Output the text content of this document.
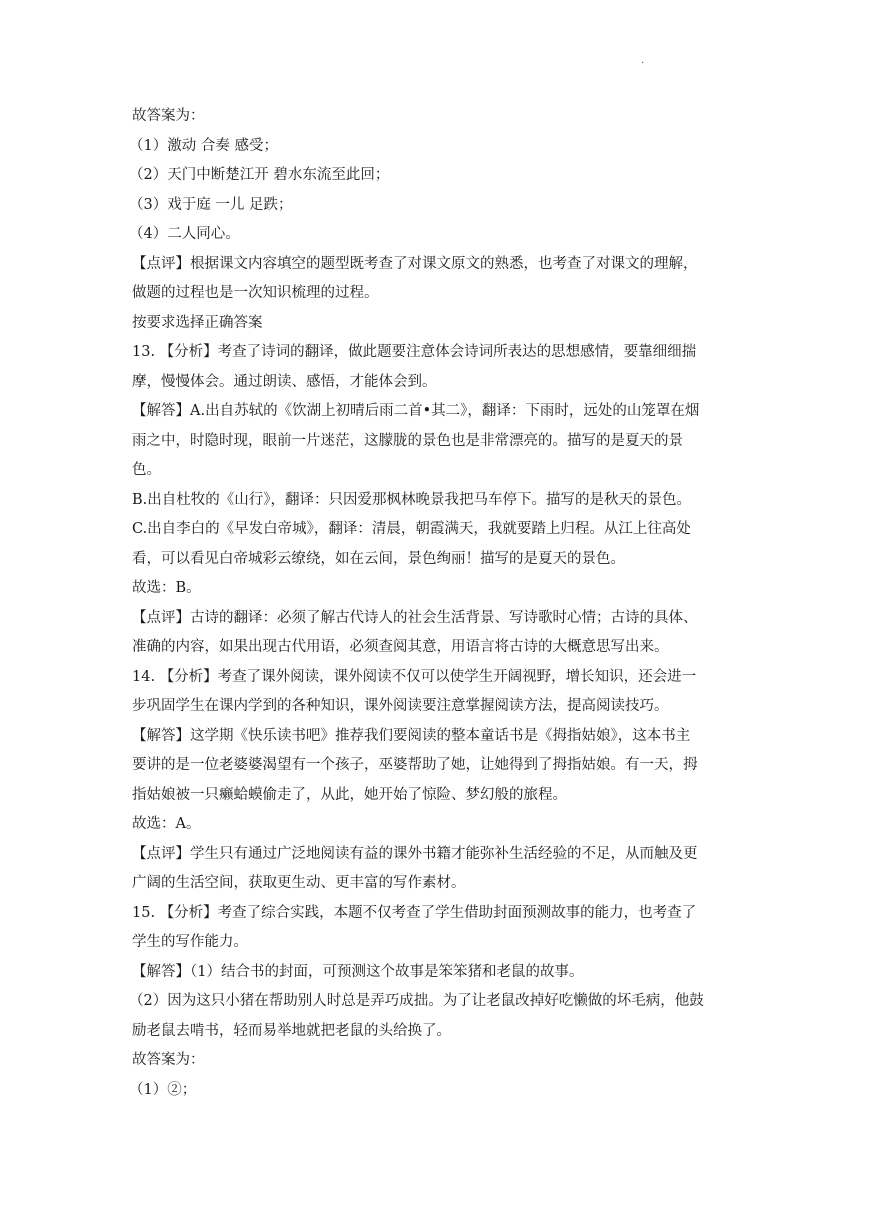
.
故答案为：
（1）激动 合奏 感受；
（2）天门中断楚江开 碧水东流至此回；
（3）戏于庭 一儿 足跌；
（4）二人同心。
【点评】根据课文内容填空的题型既考查了对课文原文的熟悉，也考查了对课文的理解，
做题的过程也是一次知识梳理的过程。
按要求选择正确答案
13. 【分析】考查了诗词的翻译，做此题要注意体会诗词所表达的思想感情，要靠细细揣
摩，慢慢体会。通过朗读、感悟，才能体会到。
【解答】A.出自苏轼的《饮湖上初晴后雨二首•其二》，翻译：下雨时，远处的山笼罩在烟
雨之中，时隐时现，眼前一片迷茫，这朦胧的景色也是非常漂亮的。描写的是夏天的景
色。
B.出自杜牧的《山行》，翻译：只因爱那枫林晚景我把马车停下。描写的是秋天的景色。
C.出自李白的《早发白帝城》，翻译：清晨，朝霞满天，我就要踏上归程。从江上往高处
看，可以看见白帝城彩云缭绕，如在云间，景色绚丽！描写的是夏天的景色。
故选：B。
【点评】古诗的翻译：必须了解古代诗人的社会生活背景、写诗歌时心情；古诗的具体、
准确的内容，如果出现古代用语，必须查阅其意，用语言将古诗的大概意思写出来。
14. 【分析】考查了课外阅读，课外阅读不仅可以使学生开阔视野，增长知识，还会进一
步巩固学生在课内学到的各种知识，课外阅读要注意掌握阅读方法，提高阅读技巧。
【解答】这学期《快乐读书吧》推荐我们要阅读的整本童话书是《拇指姑娘》，这本书主
要讲的是一位老婆婆渴望有一个孩子，巫婆帮助了她，让她得到了拇指姑娘。有一天，拇
指姑娘被一只癞蛤蟆偷走了，从此，她开始了惊险、梦幻般的旅程。
故选：A。
【点评】学生只有通过广泛地阅读有益的课外书籍才能弥补生活经验的不足，从而触及更
广阔的生活空间，获取更生动、更丰富的写作素材。
15. 【分析】考查了综合实践，本题不仅考查了学生借助封面预测故事的能力，也考查了
学生的写作能力。
【解答】（1）结合书的封面，可预测这个故事是笨笨猪和老鼠的故事。
（2）因为这只小猪在帮助别人时总是弄巧成拙。为了让老鼠改掉好吃懒做的坏毛病，他鼓
励老鼠去啃书，轻而易举地就把老鼠的头给换了。
故答案为：
（1）②；
